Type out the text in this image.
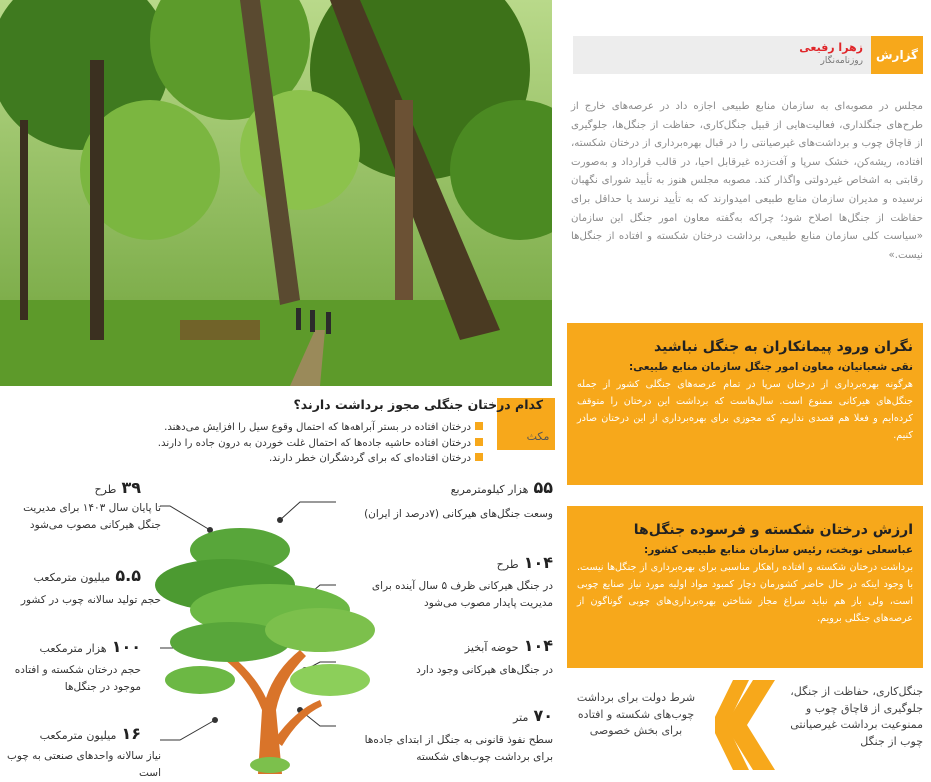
گزارش
زهرا رفیعی
روزنامه‌نگار
مجلس در مصوبه‌ای به سازمان منابع طبیعی اجازه داد در عرصه‌های خارج از طرح‌های جنگلداری، فعالیت‌هایی از قبیل جنگل‌کاری، حفاظت از جنگل‌ها، جلوگیری از قاچاق چوب و برداشت‌های غیرصیانتی را در قبال بهره‌برداری از درختان شکسته، افتاده، ریشه‌کن، خشک سرپا و آفت‌زده غیرقابل احیا، در قالب قرارداد و به‌صورت رقابتی به اشخاص غیردولتی واگذار کند. مصوبه مجلس هنوز به تأیید شورای نگهبان نرسیده و مدیران سازمان منابع طبیعی امیدوارند که به تأیید نرسد یا حداقل برای حفاظت از جنگل‌ها اصلاح شود؛ چراکه به‌گفته معاون امور جنگل این سازمان «سیاست کلی سازمان منابع طبیعی، برداشت درختان شکسته و افتاده از جنگل‌ها نیست.»
نگران ورود پیمانکاران به جنگل نباشید
نقی شعبانیان، معاون امور جنگل سازمان منابع طبیعی:
هرگونه بهره‌برداری از درختان سرپا در تمام عرصه‌های جنگلی کشور از جمله جنگل‌های هیرکانی ممنوع است. سال‌هاست که برداشت این درختان را متوقف کرده‌ایم و فعلا هم قصدی نداریم که مجوزی برای بهره‌برداری از این درختان صادر کنیم.
ارزش درختان شکسته و فرسوده جنگل‌ها
عباسعلی نوبخت، رئیس سازمان منابع طبیعی کشور:
برداشت درختان شکسته و افتاده راهکار مناسبی برای بهره‌برداری از جنگل‌ها نیست. با وجود اینکه در حال حاضر کشورمان دچار کمبود مواد اولیه مورد نیاز صنایع چوبی است، ولی باز هم نباید سراغ مجاز شناختن بهره‌برداری‌های چوبی گوناگون از عرصه‌های جنگلی برویم.
جنگل‌کاری، حفاظت از جنگل، جلوگیری از قاچاق چوب و ممنوعیت برداشت غیرصیانتی چوب از جنگل
شرط دولت برای برداشت چوب‌های شکسته و افتاده برای بخش خصوصی
مکث
کدام درختان جنگلی مجوز برداشت دارند؟
درختان افتاده در بستر آبراهه‌ها که احتمال وقوع سیل را افزایش می‌دهند.
درختان افتاده حاشیه جاده‌ها که احتمال غلت خوردن به درون جاده را دارند.
درختان افتاده‌ای که برای گردشگران خطر دارند.
۳۹ طرح
تا پایان سال ۱۴۰۳ برای مدیریت جنگل هیرکانی مصوب می‌شود
۵.۵ میلیون مترمکعب
حجم تولید سالانه چوب در کشور
۱۰۰ هزار مترمکعب
حجم درختان شکسته و افتاده موجود در جنگل‌ها
۱۶ میلیون مترمکعب
نیاز سالانه واحدهای صنعتی به چوب است
۵۵ هزار کیلومترمربع
وسعت جنگل‌های هیرکانی (۷درصد از ایران)
۱۰۴ طرح
در جنگل هیرکانی ظرف ۵ سال آینده برای مدیریت پایدار مصوب می‌شود
۱۰۴ حوضه آبخیز
در جنگل‌های هیرکانی وجود دارد
۷۰ متر
سطح نفوذ قانونی به جنگل از ابتدای جاده‌ها برای برداشت چوب‌های شکسته
